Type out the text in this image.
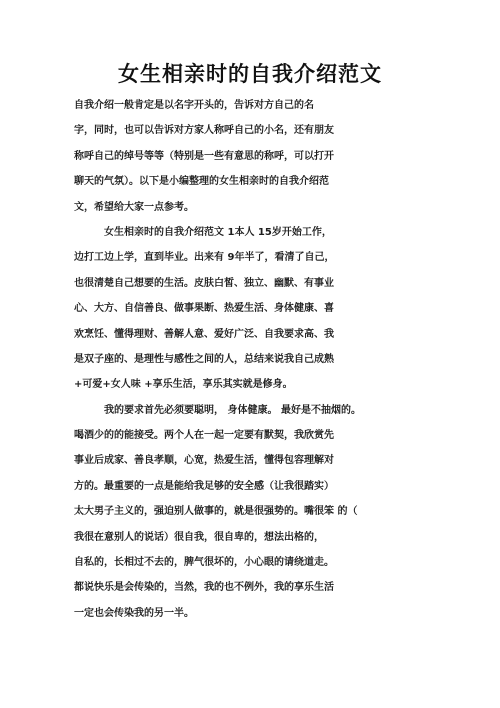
女生相亲时的自我介绍范文
自我介绍一般肯定是以名字开头的，告诉对方自己的名
字，同时，也可以告诉对方家人称呼自己的小名，还有朋友
称呼自己的绰号等等（特别是一些有意思的称呼，可以打开
聊天的气氛）。以下是小编整理的女生相亲时的自我介绍范
文，希望给大家一点参考。
女生相亲时的自我介绍范文 1本人 15岁开始工作，
边打工边上学，直到毕业。出来有 9年半了，看清了自己，
也很清楚自己想要的生活。皮肤白皙、独立、幽默、有事业
心、大方、自信善良、做事果断、热爱生活、身体健康、喜
欢烹饪、懂得理财、善解人意、爱好广泛、自我要求高、我
是双子座的、是理性与感性之间的人，总结来说我自己成熟
+可爱+女人味 +享乐生活，享乐其实就是修身。
我的要求首先必须要聪明， 身体健康。 最好是不抽烟的。
喝酒少的的能接受。两个人在一起一定要有默契，我欣赏先
事业后成家、善良孝顺，心宽，热爱生活，懂得包容理解对
方的。最重要的一点是能给我足够的安全感（让我很踏实）
太大男子主义的，强迫别人做事的，就是很强势的。嘴很笨 的（
我很在意别人的说话）很自我，很自卑的，想法出格的，
自私的，长相过不去的，脾气很坏的，小心眼的请绕道走。
都说快乐是会传染的，当然，我的也不例外，我的享乐生活
一定也会传染我的另一半。
